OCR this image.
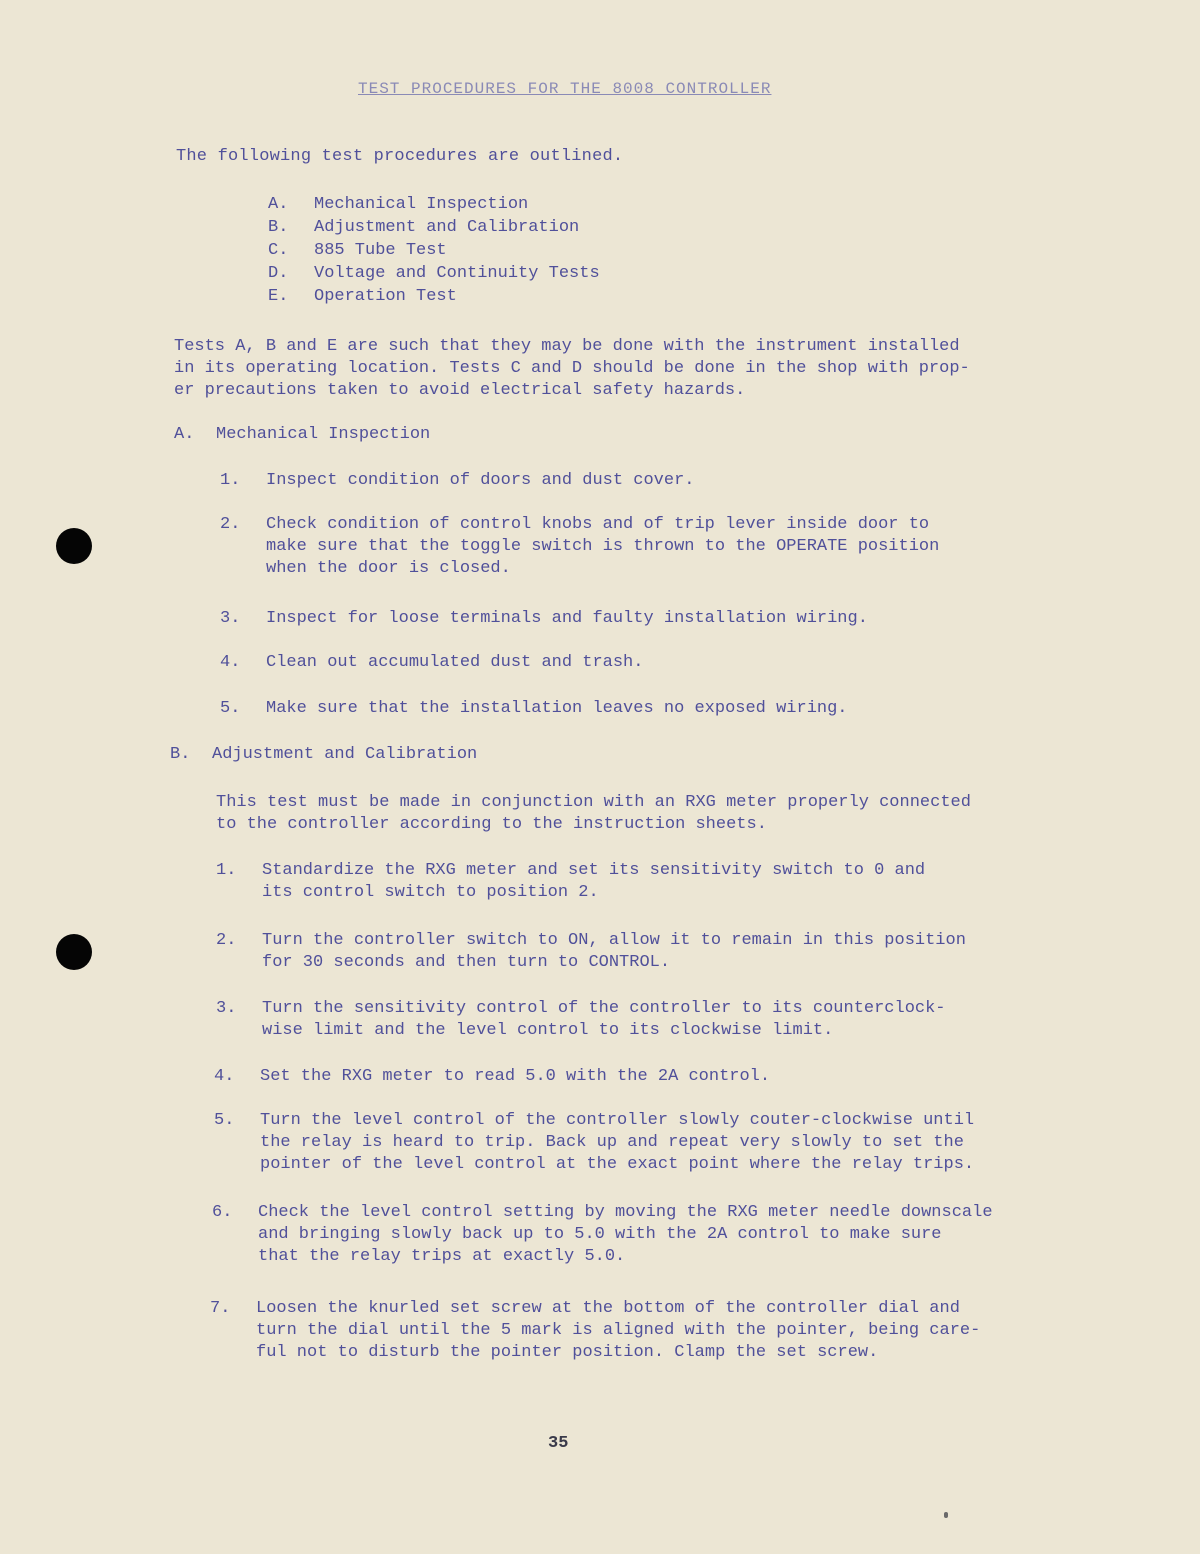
TEST PROCEDURES FOR THE 8008 CONTROLLER
The following test procedures are outlined.
A. Mechanical Inspection
B. Adjustment and Calibration
C. 885 Tube Test
D. Voltage and Continuity Tests
E. Operation Test
Tests A, B and E are such that they may be done with the instrument installed
in its operating location. Tests C and D should be done in the shop with prop-
er precautions taken to avoid electrical safety hazards.
A. Mechanical Inspection
1. Inspect condition of doors and dust cover.
2. Check condition of control knobs and of trip lever inside door to
make sure that the toggle switch is thrown to the OPERATE position
when the door is closed.
3. Inspect for loose terminals and faulty installation wiring.
4. Clean out accumulated dust and trash.
5. Make sure that the installation leaves no exposed wiring.
B. Adjustment and Calibration
This test must be made in conjunction with an RXG meter properly connected
to the controller according to the instruction sheets.
1. Standardize the RXG meter and set its sensitivity switch to 0 and
its control switch to position 2.
2. Turn the controller switch to ON, allow it to remain in this position
for 30 seconds and then turn to CONTROL.
3. Turn the sensitivity control of the controller to its counterclock-
wise limit and the level control to its clockwise limit.
4. Set the RXG meter to read 5.0 with the 2A control.
5. Turn the level control of the controller slowly couter-clockwise until
the relay is heard to trip. Back up and repeat very slowly to set the
pointer of the level control at the exact point where the relay trips.
6. Check the level control setting by moving the RXG meter needle downscale
and bringing slowly back up to 5.0 with the 2A control to make sure
that the relay trips at exactly 5.0.
7. Loosen the knurled set screw at the bottom of the controller dial and
turn the dial until the 5 mark is aligned with the pointer, being care-
ful not to disturb the pointer position. Clamp the set screw.
35
